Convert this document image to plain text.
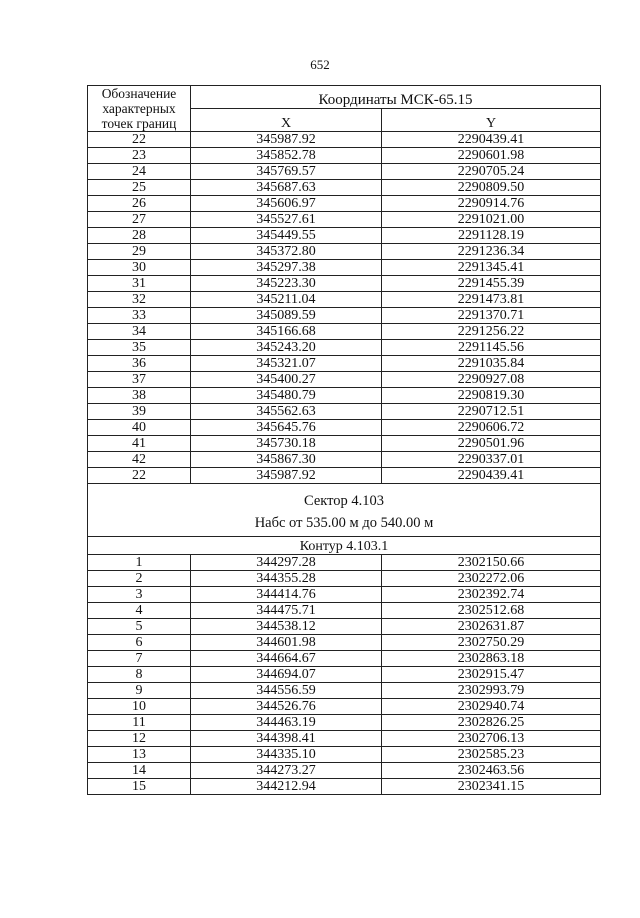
652
Обозначение
характерных
точек границ	Координаты МСК-65.15	
	X	Y
22	345987.92	2290439.41
23	345852.78	2290601.98
24	345769.57	2290705.24
25	345687.63	2290809.50
26	345606.97	2290914.76
27	345527.61	2291021.00
28	345449.55	2291128.19
29	345372.80	2291236.34
30	345297.38	2291345.41
31	345223.30	2291455.39
32	345211.04	2291473.81
33	345089.59	2291370.71
34	345166.68	2291256.22
35	345243.20	2291145.56
36	345321.07	2291035.84
37	345400.27	2290927.08
38	345480.79	2290819.30
39	345562.63	2290712.51
40	345645.76	2290606.72
41	345730.18	2290501.96
42	345867.30	2290337.01
22	345987.92	2290439.41

Сектор 4.103
Набс от 535.00 м до 540.00 м		

Контур 4.103.1		
1	344297.28	2302150.66
2	344355.28	2302272.06
3	344414.76	2302392.74
4	344475.71	2302512.68
5	344538.12	2302631.87
6	344601.98	2302750.29
7	344664.67	2302863.18
8	344694.07	2302915.47
9	344556.59	2302993.79
10	344526.76	2302940.74
11	344463.19	2302826.25
12	344398.41	2302706.13
13	344335.10	2302585.23
14	344273.27	2302463.56
15	344212.94	2302341.15
